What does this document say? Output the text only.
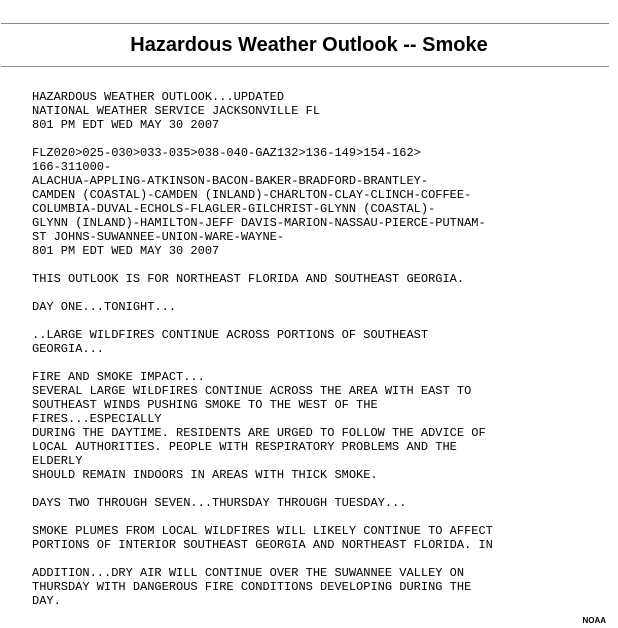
Hazardous Weather Outlook -- Smoke
HAZARDOUS WEATHER OUTLOOK...UPDATED
NATIONAL WEATHER SERVICE JACKSONVILLE FL
801 PM EDT WED MAY 30 2007
FLZ020>025-030>033-035>038-040-GAZ132>136-149>154-162>
166-311000-
ALACHUA-APPLING-ATKINSON-BACON-BAKER-BRADFORD-BRANTLEY-
CAMDEN (COASTAL)-CAMDEN (INLAND)-CHARLTON-CLAY-CLINCH-COFFEE-
COLUMBIA-DUVAL-ECHOLS-FLAGLER-GILCHRIST-GLYNN (COASTAL)-
GLYNN (INLAND)-HAMILTON-JEFF DAVIS-MARION-NASSAU-PIERCE-PUTNAM-
ST JOHNS-SUWANNEE-UNION-WARE-WAYNE-
801 PM EDT WED MAY 30 2007
THIS OUTLOOK IS FOR NORTHEAST FLORIDA AND SOUTHEAST GEORGIA.
DAY ONE...TONIGHT...
..LARGE WILDFIRES CONTINUE ACROSS PORTIONS OF SOUTHEAST
GEORGIA...
FIRE AND SMOKE IMPACT...
SEVERAL LARGE WILDFIRES CONTINUE ACROSS THE AREA WITH EAST TO
SOUTHEAST WINDS PUSHING SMOKE TO THE WEST OF THE
FIRES...ESPECIALLY
DURING THE DAYTIME. RESIDENTS ARE URGED TO FOLLOW THE ADVICE OF
LOCAL AUTHORITIES. PEOPLE WITH RESPIRATORY PROBLEMS AND THE
ELDERLY
SHOULD REMAIN INDOORS IN AREAS WITH THICK SMOKE.
DAYS TWO THROUGH SEVEN...THURSDAY THROUGH TUESDAY...
SMOKE PLUMES FROM LOCAL WILDFIRES WILL LIKELY CONTINUE TO AFFECT
PORTIONS OF INTERIOR SOUTHEAST GEORGIA AND NORTHEAST FLORIDA. IN
ADDITION...DRY AIR WILL CONTINUE OVER THE SUWANNEE VALLEY ON
THURSDAY WITH DANGEROUS FIRE CONDITIONS DEVELOPING DURING THE
DAY.
NOAA
